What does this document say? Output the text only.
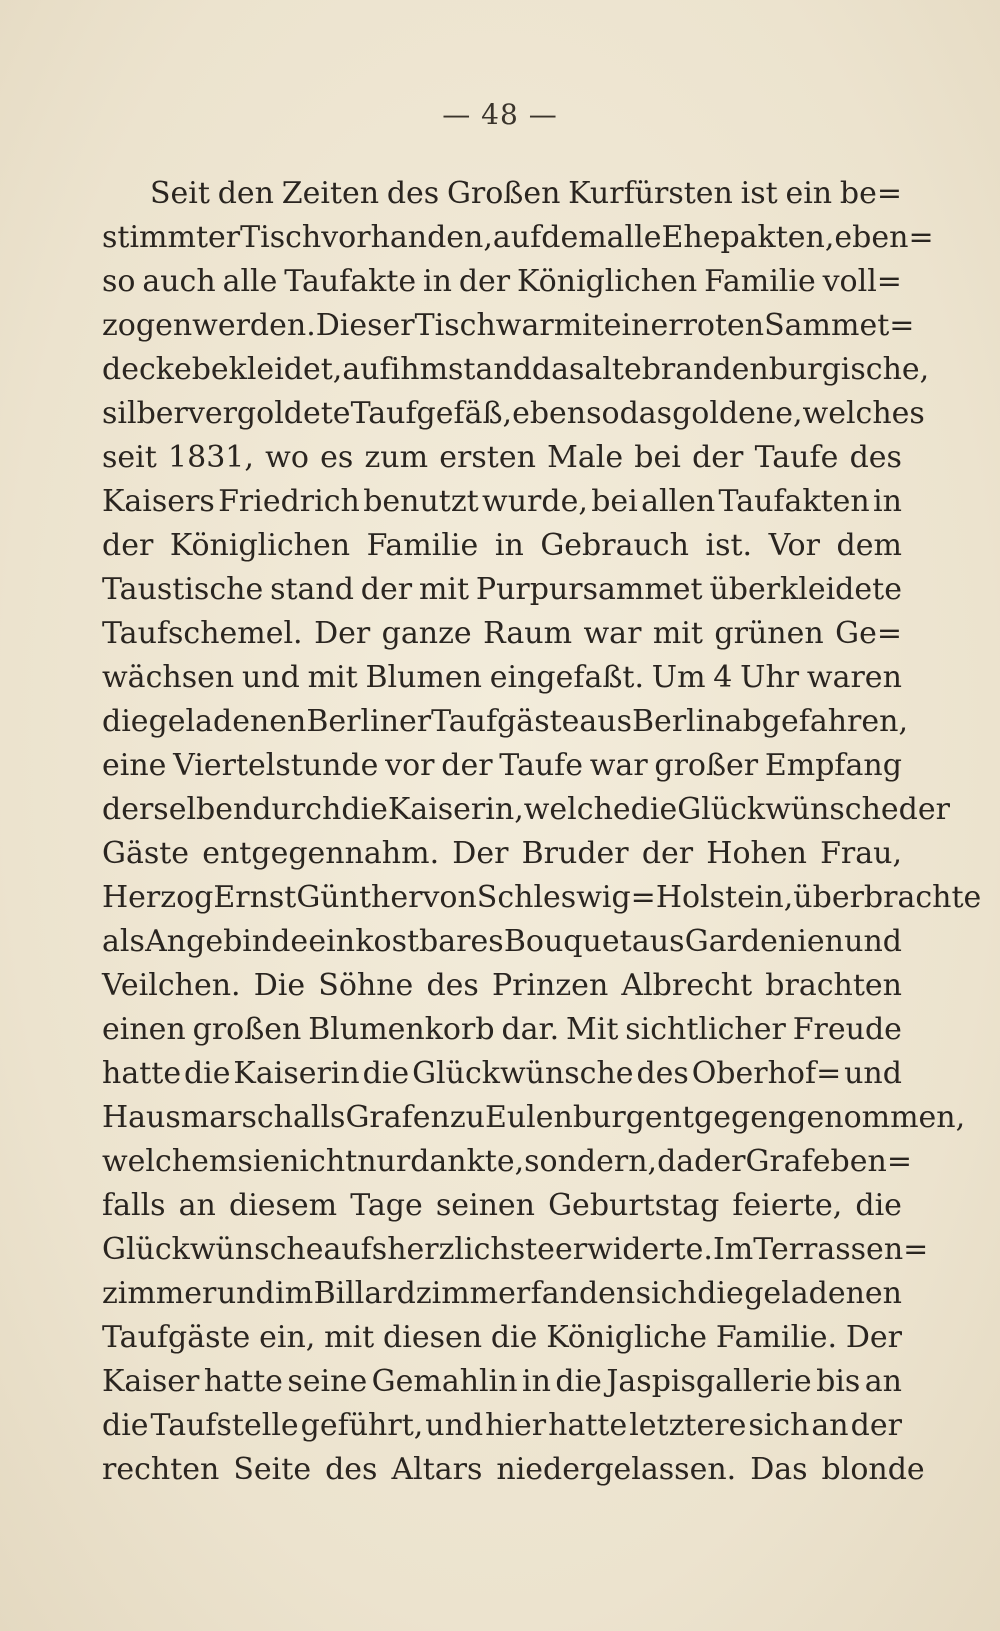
— 48 —
Seit den Zeiten des Großen Kurfürsten ist ein be=
stimmter Tisch vorhanden, auf dem alle Ehepakten, eben=
so auch alle Taufakte in der Königlichen Familie voll=
zogen werden. Dieser Tisch war mit einer roten Sammet=
decke bekleidet, auf ihm stand das alte brandenburgische,
silbervergoldete Taufgefäß, ebenso das goldene, welches
seit 1831, wo es zum ersten Male bei der Taufe des
Kaisers Friedrich benutzt wurde, bei allen Taufakten in
der Königlichen Familie in Gebrauch ist. Vor dem
Taustische stand der mit Purpursammet überkleidete
Taufschemel. Der ganze Raum war mit grünen Ge=
wächsen und mit Blumen eingefaßt. Um 4 Uhr waren
die geladenen Berliner Taufgäste aus Berlin abgefahren,
eine Viertelstunde vor der Taufe war großer Empfang
derselben durch die Kaiserin, welche die Glückwünsche der
Gäste entgegennahm. Der Bruder der Hohen Frau,
Herzog Ernst Günther von Schleswig=Holstein, überbrachte
als Angebinde ein kostbares Bouquet aus Gardenien und
Veilchen. Die Söhne des Prinzen Albrecht brachten
einen großen Blumenkorb dar. Mit sichtlicher Freude
hatte die Kaiserin die Glückwünsche des Oberhof= und
Hausmarschalls Grafen zu Eulenburg entgegengenommen,
welchem sie nicht nur dankte, sondern, da der Graf eben=
falls an diesem Tage seinen Geburtstag feierte, die
Glückwünsche aufs herzlichste erwiderte. Im Terrassen=
zimmer und im Billardzimmer fanden sich die geladenen
Taufgäste ein, mit diesen die Königliche Familie. Der
Kaiser hatte seine Gemahlin in die Jaspisgallerie bis an
die Taufstelle geführt, und hier hatte letztere sich an der
rechten Seite des Altars niedergelassen. Das blonde
